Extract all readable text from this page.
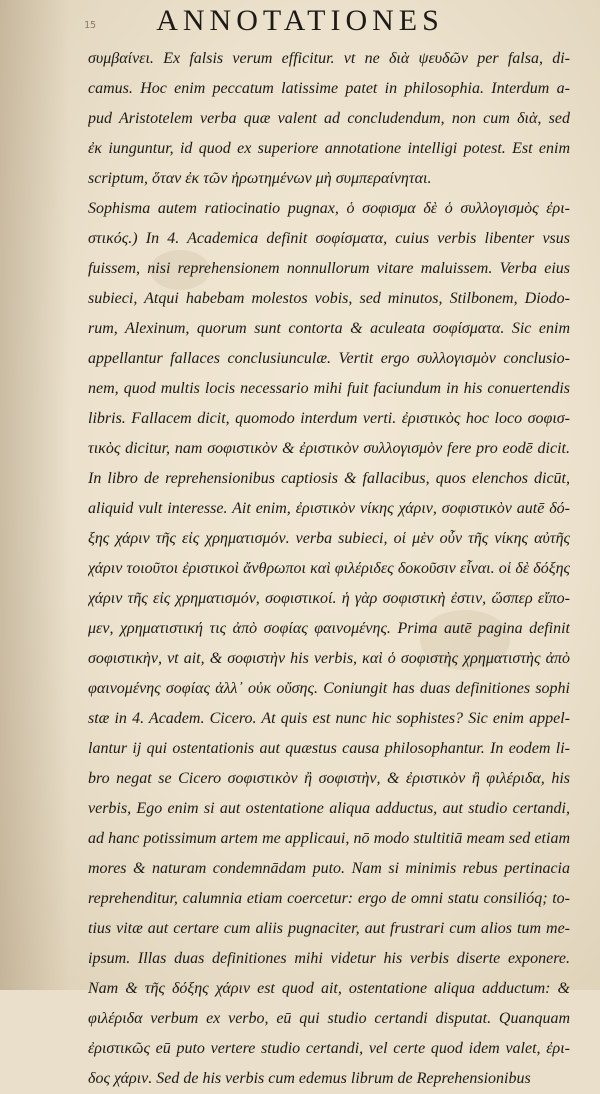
15	ANNOTATIONES
συμβαίνει. Ex falsis verum efficitur. vt ne διὰ ψευδῶν per falsa, di-
camus. Hoc enim peccatum latissime patet in philosophia. Interdum a-
pud Aristotelem verba quæ valent ad concludendum, non cum διὰ, sed
ἐκ iunguntur, id quod ex superiore annotatione intelligi potest. Est enim
scriptum, ὅταν ἐκ τῶν ἠρωτημένων μὴ συμπεραίνηται.
Sophisma autem ratiocinatio pugnax, ὁ σοφισμα δὲ ὁ συλλογισμὸς ἐρι-
στικός.) In 4. Academica definit σοφίσματα, cuius verbis libenter vsus
fuissem, nisi reprehensionem nonnullorum vitare maluissem. Verba eius
subieci, Atqui habebam molestos vobis, sed minutos, Stilbonem, Diodo-
rum, Alexinum, quorum sunt contorta & aculeata σοφίσματα. Sic enim
appellantur fallaces conclusiunculæ. Vertit ergo συλλογισμὸν conclusio-
nem, quod multis locis necessario mihi fuit faciundum in his conuertendis
libris. Fallacem dicit, quomodo interdum verti. ἐριστικὸς hoc loco σοφισ-
τικὸς dicitur, nam σοφιστικὸν & ἐριστικὸν συλλογισμὸν fere pro eodē dicit.
In libro de reprehensionibus captiosis & fallacibus, quos elenchos dicūt,
aliquid vult interesse. Ait enim, ἐριστικὸν νίκης χάριν, σοφιστικὸν autē δό-
ξης χάριν τῆς εἰς χρηματισμόν. verba subieci, οἱ μὲν οὖν τῆς νίκης αὐτῆς
χάριν τοιοῦτοι ἐριστικοὶ ἄνθρωποι καὶ φιλέριδες δοκοῦσιν εἶναι. οἱ δὲ δόξης
χάριν τῆς εἰς χρηματισμόν, σοφιστικοί. ἡ γὰρ σοφιστικὴ ἐστιν, ὥσπερ εἴπο-
μεν, χρηματιστική τις ἀπὸ σοφίας φαινομένης. Prima autē pagina definit
σοφιστικὴν, vt ait, & σοφιστὴν his verbis, καὶ ὁ σοφιστὴς χρηματιστὴς ἀπὸ
φαινομένης σοφίας ἀλλ᾽ οὐκ οὔσης. Coniungit has duas definitiones sophi
stæ in 4. Academ. Cicero. At quis est nunc hic sophistes? Sic enim appel-
lantur ij qui ostentationis aut quæstus causa philosophantur. In eodem li-
bro negat se Cicero σοφιστικὸν ἢ σοφιστὴν, & ἐριστικὸν ἢ φιλέριδα, his
verbis, Ego enim si aut ostentatione aliqua adductus, aut studio certandi,
ad hanc potissimum artem me applicaui, nō modo stultitiā meam sed etiam
mores & naturam condemnādam puto. Nam si minimis rebus pertinacia
reprehenditur, calumnia etiam coercetur: ergo de omni statu consilióq; to-
tius vitæ aut certare cum aliis pugnaciter, aut frustrari cum alios tum me-
ipsum. Illas duas definitiones mihi videtur his verbis diserte exponere.
Nam & τῆς δόξης χάριν est quod ait, ostentatione aliqua adductum: &
φιλέριδα verbum ex verbo, eū qui studio certandi disputat. Quanquam
ἐριστικῶς eū puto vertere studio certandi, vel certe quod idem valet, ἐρι-
δος χάριν. Sed de his verbis cum edemus librum de Reprehensionibus
